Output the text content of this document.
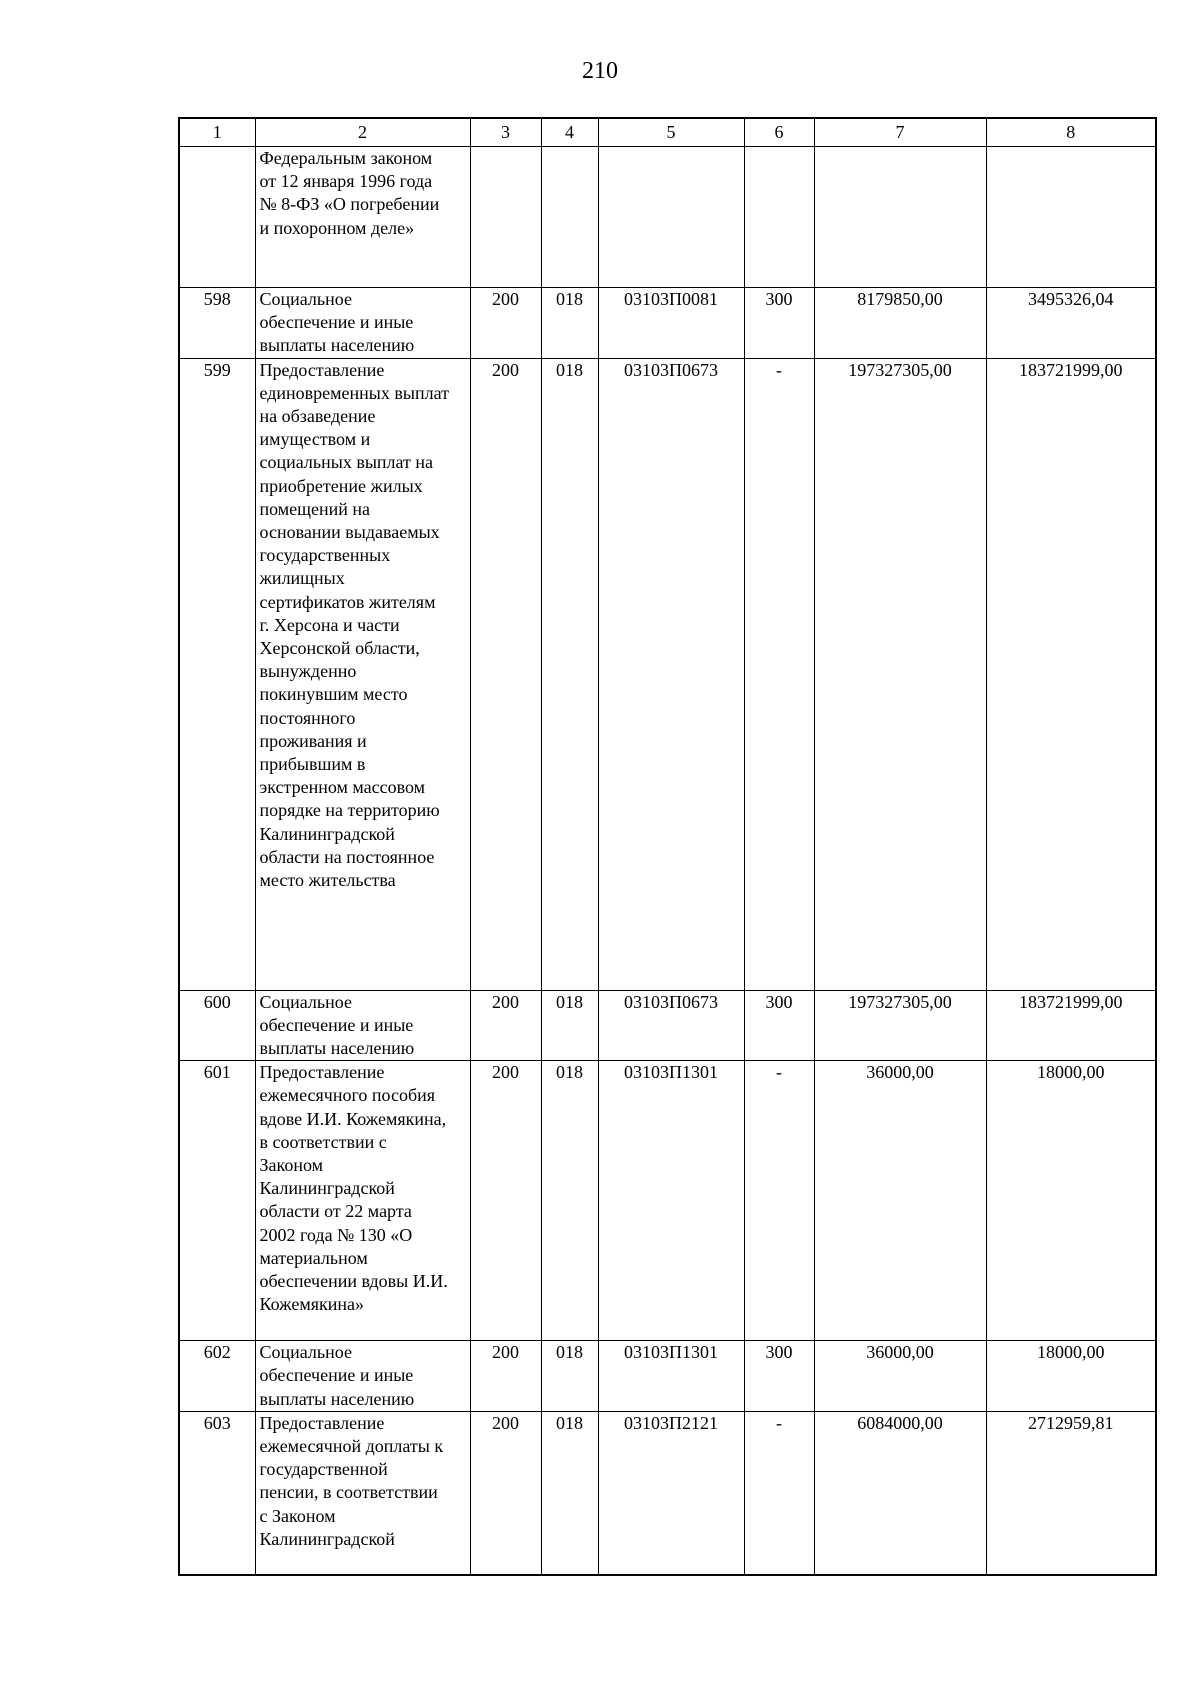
210
1	2	3	4	5	6	7	8

	Федеральным законом от 12 января 1996 года № 8-ФЗ «О погребении и похоронном деле»						

598	Социальное обеспечение и иные выплаты населению	200	018	03103П0081	300	8179850,00	3495326,04
599	Предоставление единовременных выплат на обзаведение имуществом и социальных выплат на приобретение жилых помещений на основании выдаваемых государственных жилищных сертификатов жителям г. Херсона и части Херсонской области, вынужденно покинувшим место постоянного проживания и прибывшим в экстренном массовом порядке на территорию Калининградской области на постоянное место жительства	200	018	03103П0673	-	197327305,00	183721999,00
600	Социальное обеспечение и иные выплаты населению	200	018	03103П0673	300	197327305,00	183721999,00
601	Предоставление ежемесячного пособия вдове И.И. Кожемякина, в соответствии с Законом Калининградской области от 22 марта 2002 года № 130 «О материальном обеспечении вдовы И.И. Кожемякина»	200	018	03103П1301	-	36000,00	18000,00
602	Социальное обеспечение и иные выплаты населению	200	018	03103П1301	300	36000,00	18000,00
603	Предоставление ежемесячной доплаты к государственной пенсии, в соответствии с Законом Калининградской	200	018	03103П2121	-	6084000,00	2712959,81
